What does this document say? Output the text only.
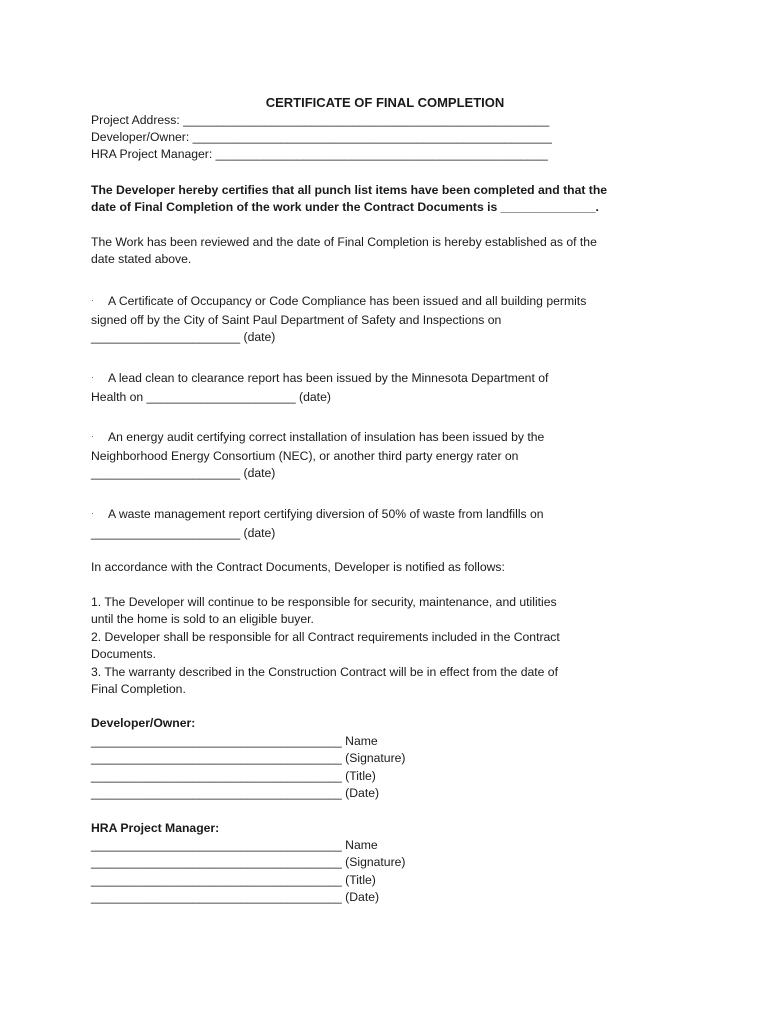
CERTIFICATE OF FINAL COMPLETION
Project Address: ______________________________________________________
Developer/Owner: _____________________________________________________
HRA Project Manager: _________________________________________________
The Developer hereby certifies that all punch list items have been completed and that the
date of Final Completion of the work under the Contract Documents is ______________.
The Work has been reviewed and the date of Final Completion is hereby established as of the
date stated above.
· A Certificate of Occupancy or Code Compliance has been issued and all building permits
signed off by the City of Saint Paul Department of Safety and Inspections on
______________________ (date)
· A lead clean to clearance report has been issued by the Minnesota Department of
Health on ______________________ (date)
· An energy audit certifying correct installation of insulation has been issued by the
Neighborhood Energy Consortium (NEC), or another third party energy rater on
______________________ (date)
· A waste management report certifying diversion of 50% of waste from landfills on
______________________ (date)
In accordance with the Contract Documents, Developer is notified as follows:
1. The Developer will continue to be responsible for security, maintenance, and utilities
until the home is sold to an eligible buyer.
2. Developer shall be responsible for all Contract requirements included in the Contract
Documents.
3. The warranty described in the Construction Contract will be in effect from the date of
Final Completion.
Developer/Owner:
_____________________________________ Name
_____________________________________ (Signature)
_____________________________________ (Title)
_____________________________________ (Date)
HRA Project Manager:
_____________________________________ Name
_____________________________________ (Signature)
_____________________________________ (Title)
_____________________________________ (Date)
